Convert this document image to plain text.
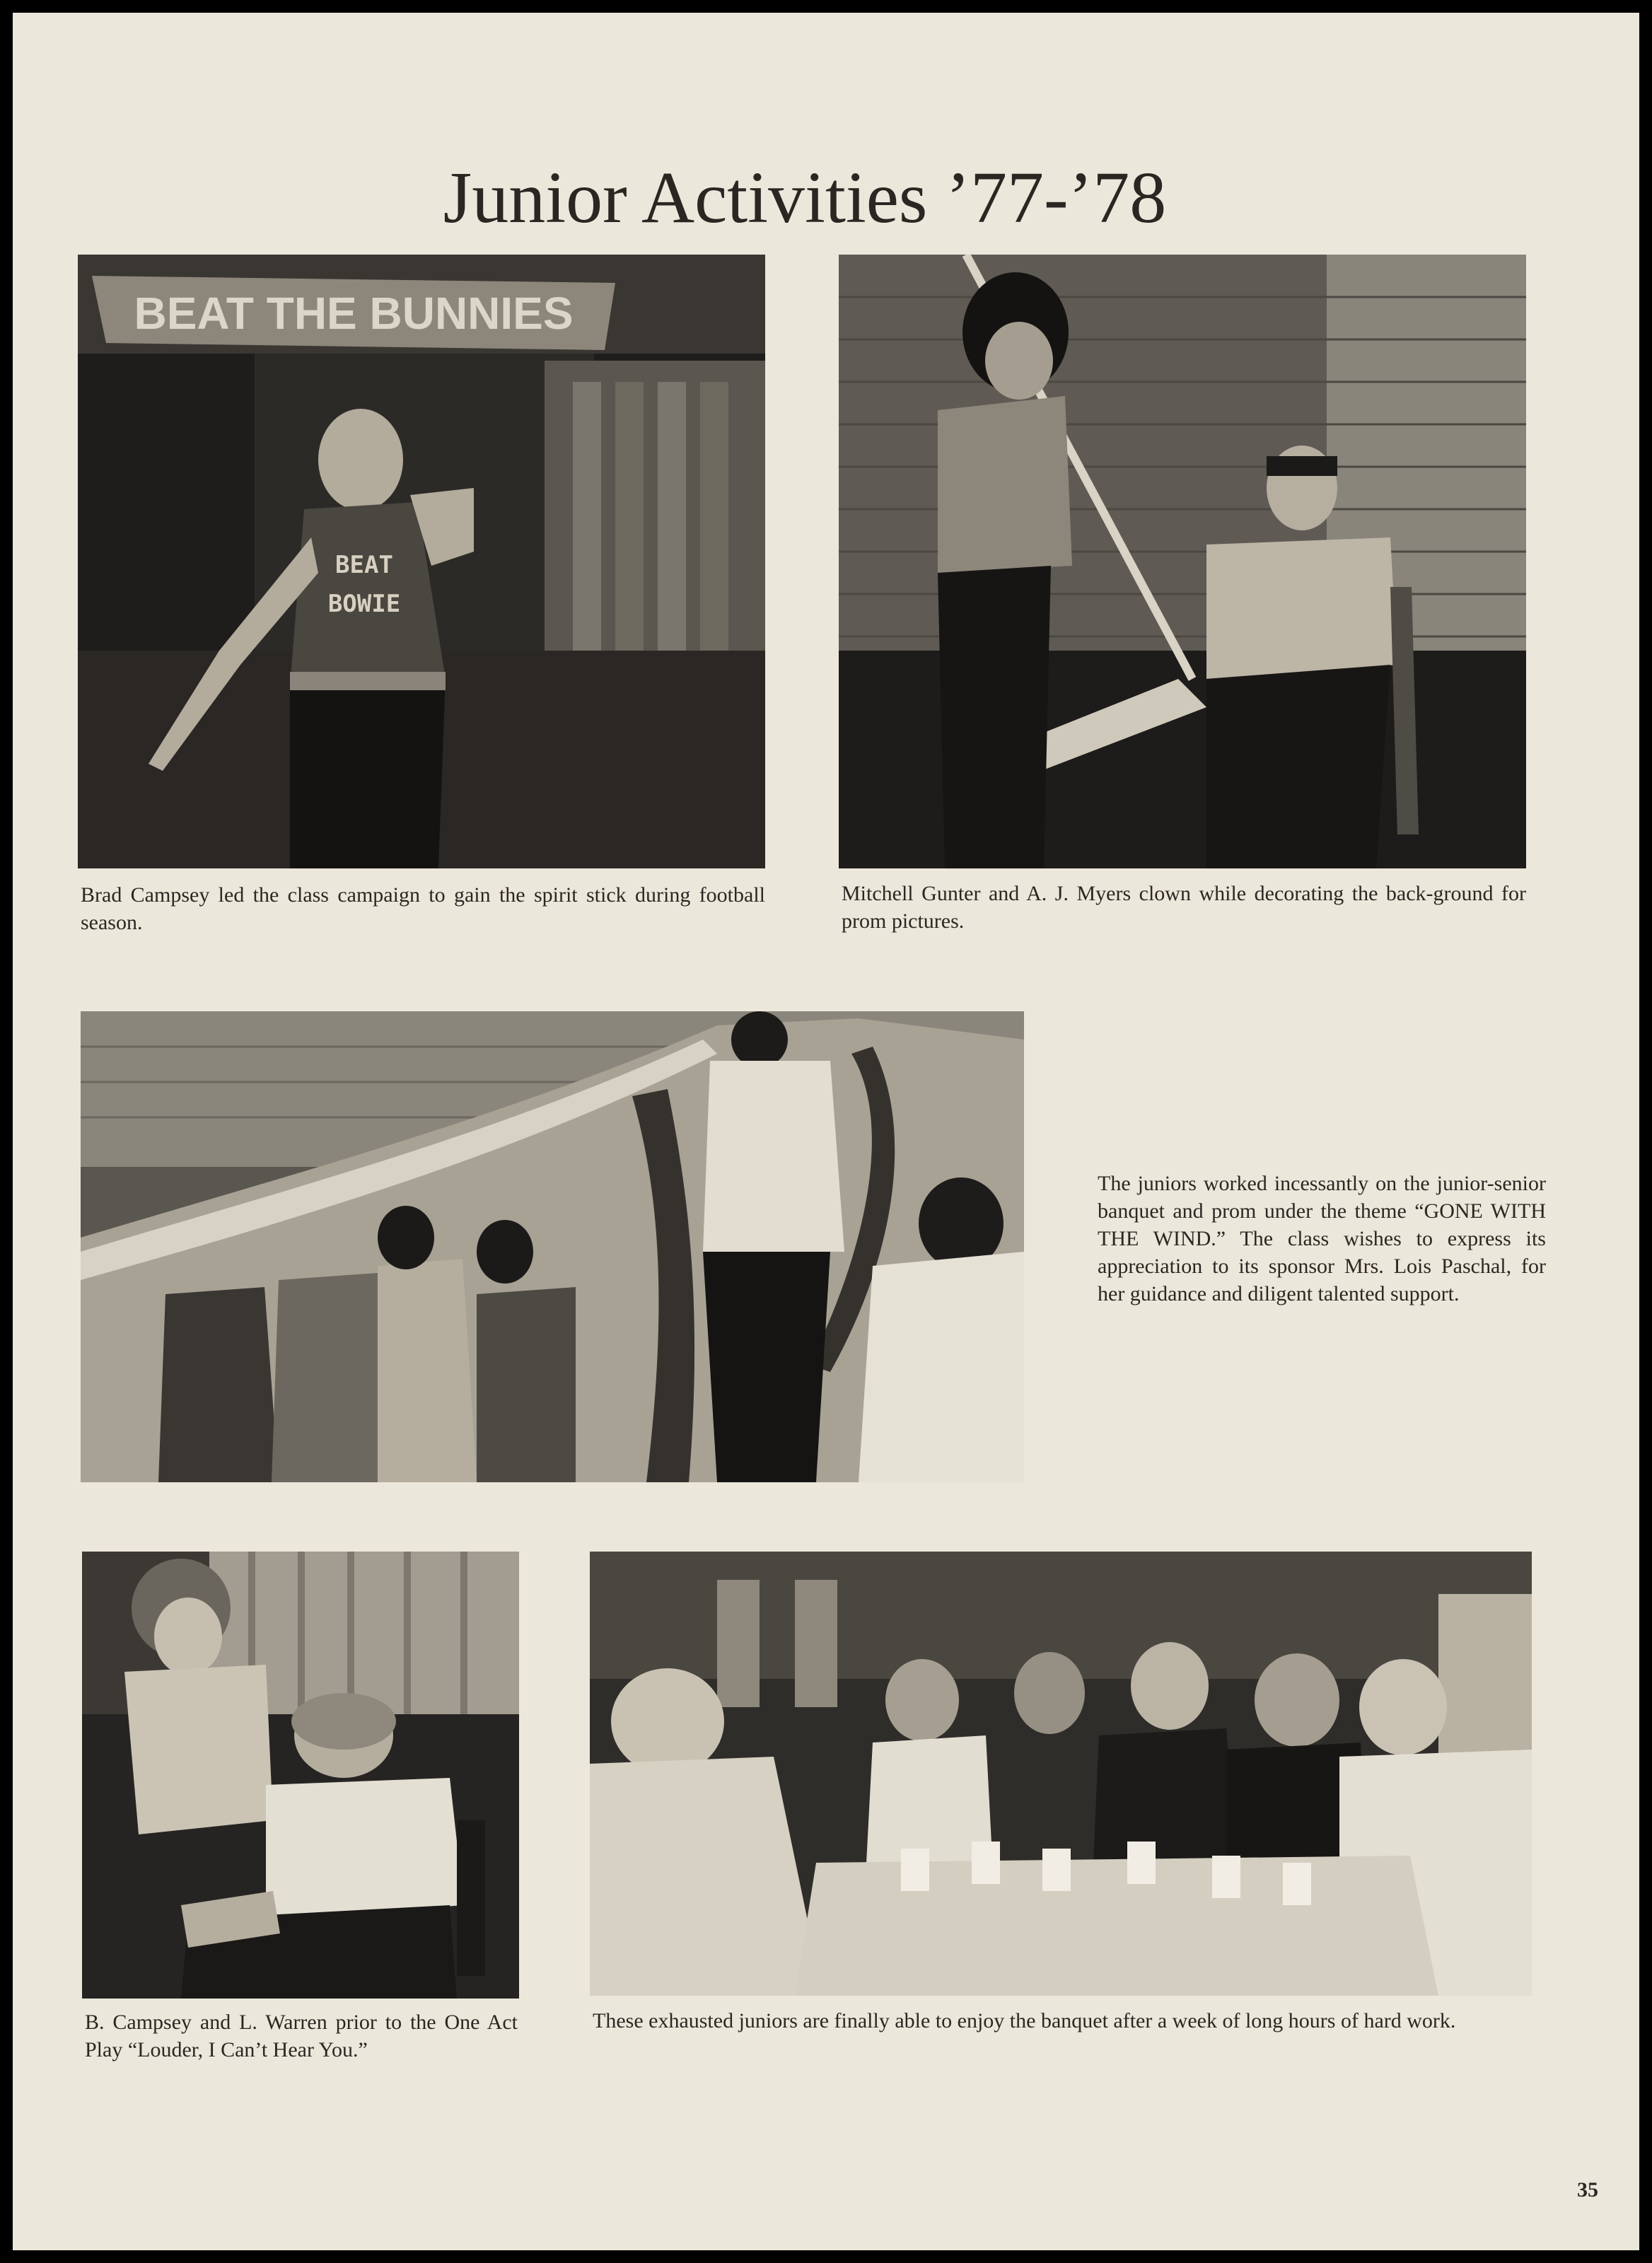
Junior Activities ’77-’78
BEAT THE BUNNIES
BEAT
BOWIE
Brad Campsey led the class campaign to gain the spirit stick during football season.
Mitchell Gunter and A. J. Myers clown while decorating the back-ground for prom pictures.
The juniors worked incessantly on the junior-senior banquet and prom under the theme “GONE WITH THE WIND.” The class wishes to express its appreciation to its sponsor Mrs. Lois Paschal, for her guidance and diligent talented support.
B. Campsey and L. Warren prior to the One Act Play “Louder, I Can’t Hear You.”
These exhausted juniors are finally able to enjoy the banquet after a week of long hours of hard work.
35
